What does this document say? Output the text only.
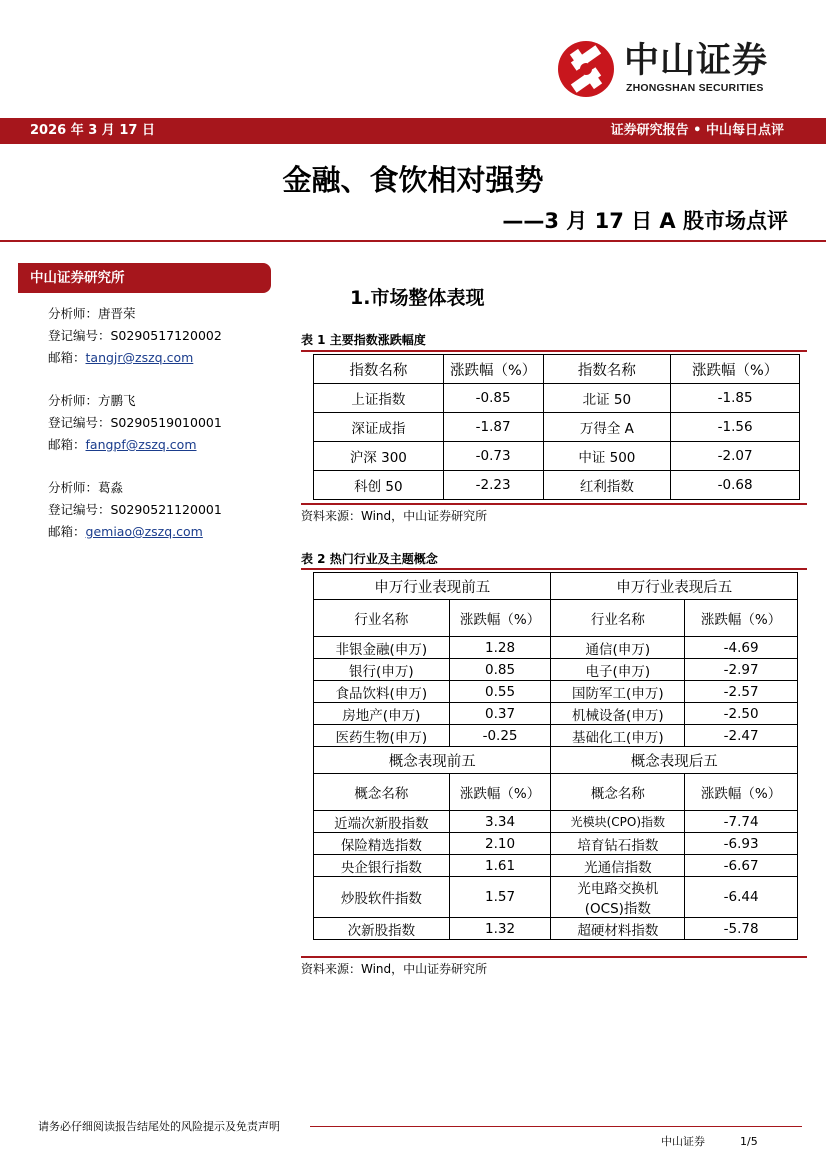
中山证券
ZHONGSHAN SECURITIES
2026 年 3 月 17 日	证券研究报告 • 中山每日点评
金融、食饮相对强势
——3 月 17 日 A 股市场点评
中山证券研究所
分析师：唐晋荣
登记编号：S0290517120002
邮箱：tangjr@zszq.com
分析师：方鹏飞
登记编号：S0290519010001
邮箱：fangpf@zszq.com
分析师：葛淼
登记编号：S0290521120001
邮箱：gemiao@zszq.com
1.市场整体表现
表 1 主要指数涨跌幅度
指数名称	涨跌幅（%）	指数名称	涨跌幅（%）
上证指数	-0.85	北证 50	-1.85
深证成指	-1.87	万得全 A	-1.56
沪深 300	-0.73	中证 500	-2.07
科创 50	-2.23	红利指数	-0.68
资料来源：Wind，中山证券研究所
表 2 热门行业及主题概念
申万行业表现前五		申万行业表现后五	
行业名称	涨跌幅（%）	行业名称	涨跌幅（%）
非银金融(申万)	1.28	通信(申万)	-4.69
银行(申万)	0.85	电子(申万)	-2.97
食品饮料(申万)	0.55	国防军工(申万)	-2.57
房地产(申万)	0.37	机械设备(申万)	-2.50
医药生物(申万)	-0.25	基础化工(申万)	-2.47
概念表现前五		概念表现后五	
概念名称	涨跌幅（%）	概念名称	涨跌幅（%）
近端次新股指数	3.34	光模块(CPO)指数	-7.74
保险精选指数	2.10	培育钻石指数	-6.93
央企银行指数	1.61	光通信指数	-6.67
炒股软件指数	1.57	光电路交换机
(OCS)指数	-6.44
次新股指数	1.32	超硬材料指数	-5.78
资料来源：Wind，中山证券研究所
请务必仔细阅读报告结尾处的风险提示及免责声明
中山证券	1/5
